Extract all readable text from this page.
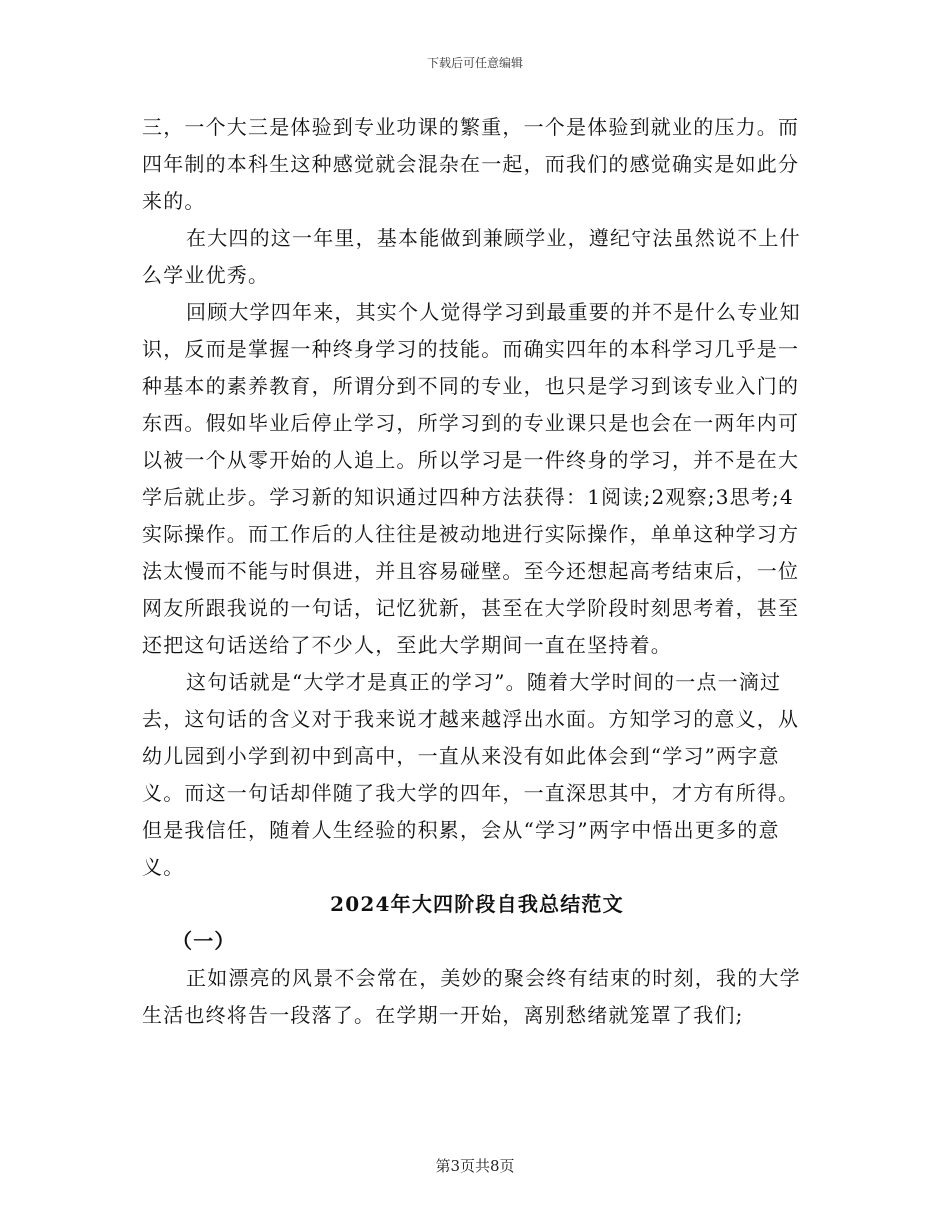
下载后可任意编辑

三，一个大三是体验到专业功课的繁重，一个是体验到就业的压力。而四年制的本科生这种感觉就会混杂在一起，而我们的感觉确实是如此分来的。

在大四的这一年里，基本能做到兼顾学业，遵纪守法虽然说不上什么学业优秀。

回顾大学四年来，其实个人觉得学习到最重要的并不是什么专业知识，反而是掌握一种终身学习的技能。而确实四年的本科学习几乎是一种基本的素养教育，所谓分到不同的专业，也只是学习到该专业入门的东西。假如毕业后停止学习，所学习到的专业课只是也会在一两年内可以被一个从零开始的人追上。所以学习是一件终身的学习，并不是在大学后就止步。学习新的知识通过四种方法获得：1阅读;2观察;3思考;4实际操作。而工作后的人往往是被动地进行实际操作，单单这种学习方法太慢而不能与时俱进，并且容易碰壁。至今还想起高考结束后，一位网友所跟我说的一句话，记忆犹新，甚至在大学阶段时刻思考着，甚至还把这句话送给了不少人，至此大学期间一直在坚持着。

这句话就是“大学才是真正的学习”。随着大学时间的一点一滴过去，这句话的含义对于我来说才越来越浮出水面。方知学习的意义，从幼儿园到小学到初中到高中，一直从来没有如此体会到“学习”两字意义。而这一句话却伴随了我大学的四年，一直深思其中，才方有所得。但是我信任，随着人生经验的积累，会从“学习”两字中悟出更多的意义。

2024年大四阶段自我总结范文

（一）

正如漂亮的风景不会常在，美妙的聚会终有结束的时刻，我的大学生活也终将告一段落了。在学期一开始，离别愁绪就笼罩了我们;

第3页共8页
